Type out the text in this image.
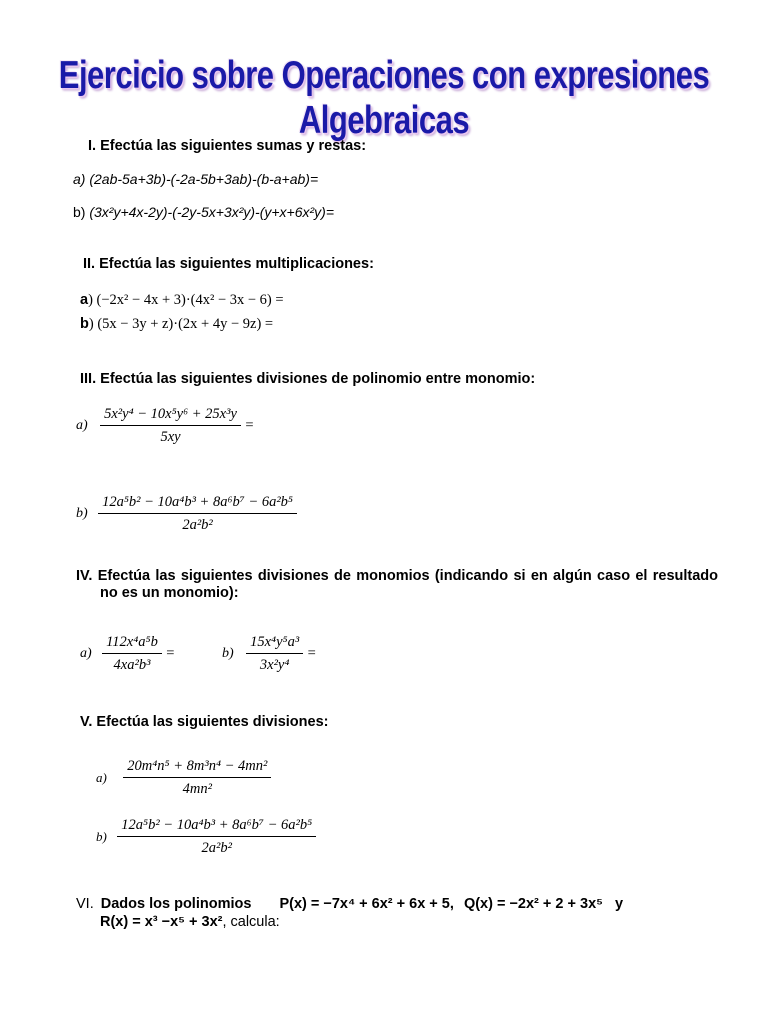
Ejercicio sobre Operaciones con expresiones Algebraicas
I. Efectúa las siguientes sumas y restas:
a) (2ab-5a+3b)-(-2a-5b+3ab)-(b-a+ab)=
b) (3x²y+4x-2y)-(-2y-5x+3x²y)-(y+x+6x²y)=
II. Efectúa las siguientes multiplicaciones:
a) (−2x² − 4x + 3)·(4x² − 3x − 6) =
b) (5x − 3y + z)·(2x + 4y − 9z) =
III. Efectúa las siguientes divisiones de polinomio entre monomio:
$a) \frac{\text{5x²y⁴ − 10x⁵y⁶ + 25x³y}}{5xy}$ =
$b) \frac{\text{12a⁵b² − 10a⁴b³ + 8a⁶b⁷ − 6a²b⁵}}{\text{2a²b²}}$
IV. Efectúa las siguientes divisiones de monomios (indicando si en algún caso el resultado no es un monomio):
$a) \frac{\text{112x⁴a⁵b}}{\text{4xa²b³}}$ =	$b) \frac{\text{15x⁴y⁵a³}}{\text{3x²y⁴}}$ =
V. Efectúa las siguientes divisiones:
$a) \frac{\text{20m⁴n⁵ + 8m³n⁴ − 4mn²}}{\text{4mn²}}$
$b) \frac{\text{12a⁵b² − 10a⁴b³ + 8a⁶b⁷ − 6a²b⁵}}{\text{2a²b²}}$
VI. Dados los polinomios P(x) = −7x⁴ + 6x² + 6x + 5, Q(x) = −2x² + 2 + 3x⁵ y
R(x) = x³ −x⁵ + 3x², calcula:
